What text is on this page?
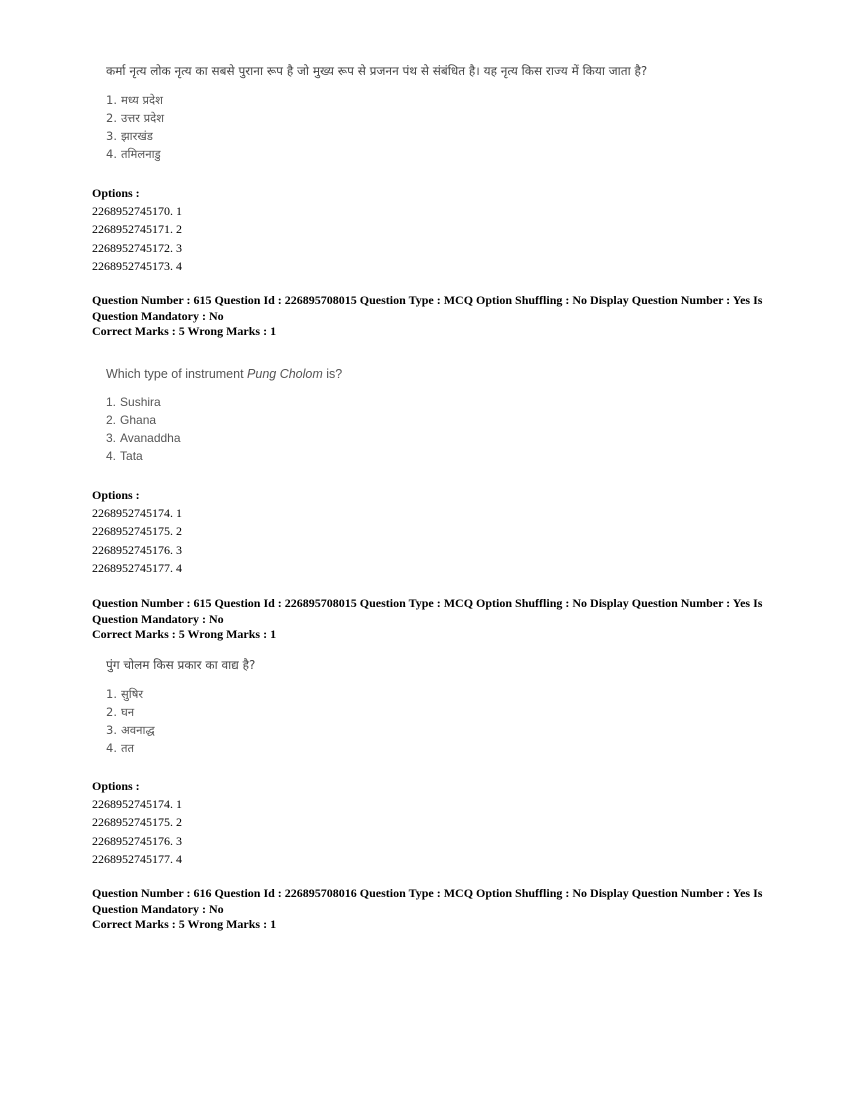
कर्मा नृत्य लोक नृत्य का सबसे पुराना रूप है जो मुख्य रूप से प्रजनन पंथ से संबंधित है। यह नृत्य किस राज्य में किया जाता है?
1. मध्य प्रदेश
2. उत्तर प्रदेश
3. झारखंड
4. तमिलनाडु
Options :
2268952745170. 1
2268952745171. 2
2268952745172. 3
2268952745173. 4
Question Number : 615 Question Id : 226895708015 Question Type : MCQ Option Shuffling : No Display Question Number : Yes Is Question Mandatory : No
Correct Marks : 5 Wrong Marks : 1
Which type of instrument Pung Cholom is?
1. Sushira
2. Ghana
3. Avanaddha
4. Tata
Options :
2268952745174. 1
2268952745175. 2
2268952745176. 3
2268952745177. 4
Question Number : 615 Question Id : 226895708015 Question Type : MCQ Option Shuffling : No Display Question Number : Yes Is Question Mandatory : No
Correct Marks : 5 Wrong Marks : 1
पुंग चोलम किस प्रकार का वाद्य है?
1. सुषिर
2. घन
3. अवनाद्ध
4. तत
Options :
2268952745174. 1
2268952745175. 2
2268952745176. 3
2268952745177. 4
Question Number : 616 Question Id : 226895708016 Question Type : MCQ Option Shuffling : No Display Question Number : Yes Is Question Mandatory : No
Correct Marks : 5 Wrong Marks : 1
